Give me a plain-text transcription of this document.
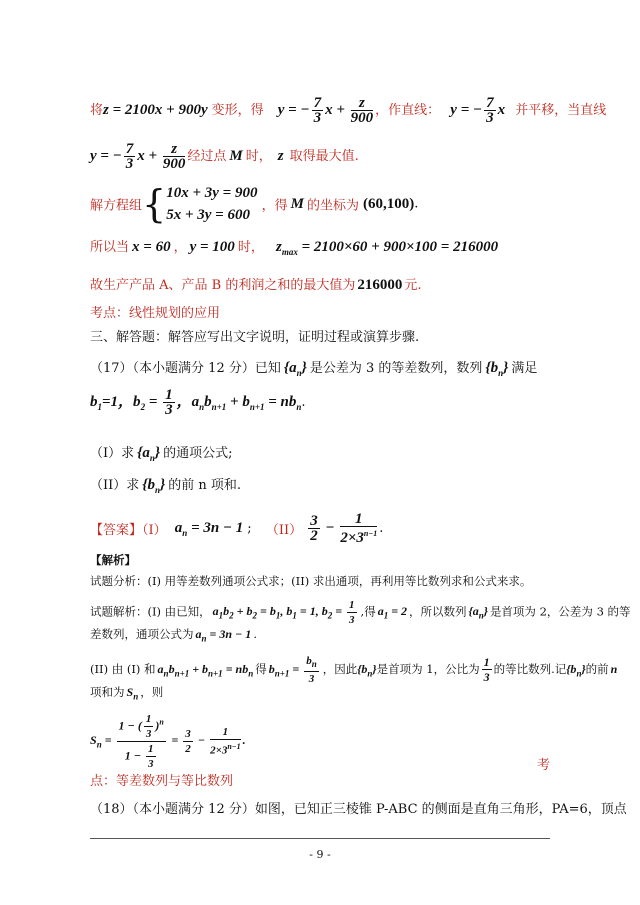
将z = 2100x + 900y 变形，得 y = − $\frac{7}{3}$ $x + \frac{z}{900}$ ，作直线： y = − $\frac{7}{3}$ x 并平移，当直线
y = − $\frac{7}{3}$ $x + \frac{z}{900}$ 经过点 M 时， z 取得最大值.
解方程组{ 10x + 3y = 900
5x + 3y = 600
，得 M 的坐标为 (60,100).
所以当 x = 60 ， y = 100 时， $z_{max} = 2100\times 60 + 900\times 100 = 216000$
故生产产品 A、产品 B 的利润之和的最大值为 216000 元.
考点：线性规划的应用
三、解答题：解答应写出文字说明，证明过程或演算步骤.
（17）（本小题满分 12 分）已知 $\{a_n\}$ 是公差为 3 的等差数列，数列 $\{b_n\}$ 满足
$b_1=1$，$b_2 = \frac{1}{3}$ ，$a_nb_{n+1} + b_{n+1} = nb_n$.
（I）求 $\{a_n\}$ 的通项公式;
（II）求 $\{b_n\}$ 的前 n 项和.
【答案】（I） $a_n = 3n - 1$ ; $(II) \frac{3}{2} - \frac{1}{2\times 3^{n-1}}$ .
【解析】
试题分析：(I) 用等差数列通项公式求；(II) 求出通项，再利用等比数列求和公式来求。
试题解析：(I) 由已知， $a_1b_2 + b_2 = b_1$, $b_1 = 1$, $b_2 = \frac{1}{3}$ ,得 $a_1 = 2$ ，所以数列 $\{a_n\}$ 是首项为 2，公差为 3 的等
差数列，通项公式为 $a_n = 3n - 1$ .
(II) 由 (I) 和 $a_nb_{n+1} + b_{n+1} = nb_n$ 得 $b_{n+1} = \frac{b_n}{3}$ ，因此$\{b_n\}$是首项为 1，公比为 $\frac{1}{3}$ 的等比数列.记$\{b_n\}$的前 n
项和为 $S_n$ ，则
$S_n = \frac{1 - ( \frac{1}{3} )^n}{1 - \frac{1}{3}} = \frac{3}{2} - \frac{1}{2\times 3^{n-1}}$ .
考
点：等差数列与等比数列
（18）（本小题满分 12 分）如图，已知正三棱锥 P-ABC 的侧面是直角三角形，PA=6，顶点
- 9 -
